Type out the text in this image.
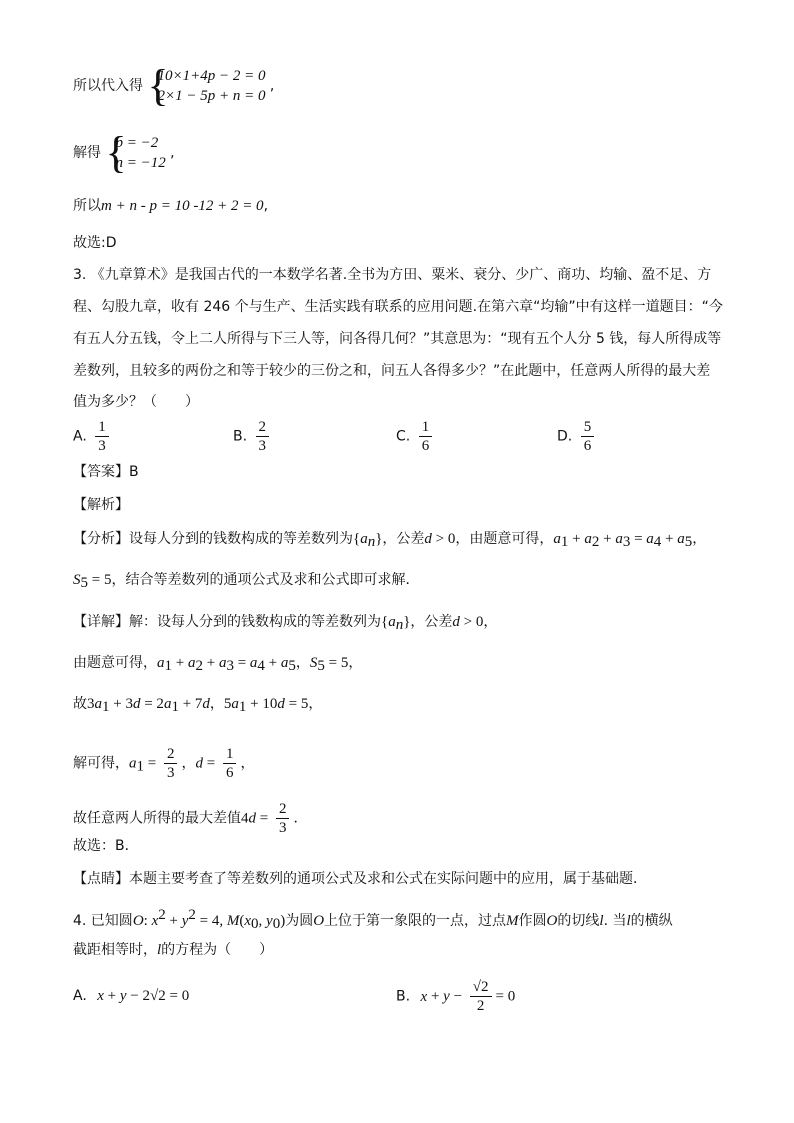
所以代入得 {
10×1+4p − 2 = 0
2×1 − 5p + n = 0
,
解得 {
p = −2
n = −12
,
所以m + n - p = 10 -12 + 2 = 0,
故选:D
3. 《九章算术》是我国古代的一本数学名著.全书为方田、粟米、衰分、少广、商功、均输、盈不足、方
程、勾股九章，收有 246 个与生产、生活实践有联系的应用问题.在第六章“均输”中有这样一道题目：“今
有五人分五钱，令上二人所得与下三人等，问各得几何？”其意思为：“现有五个人分 5 钱，每人所得成等
差数列，且较多的两份之和等于较少的三份之和，问五人各得多少？”在此题中，任意两人所得的最大差
值为多少？（　　）
A. $\frac{1}{3}$	B. $\frac{2}{3}$	C. $\frac{1}{6}$	D. $\frac{5}{6}$
【答案】B
【解析】
【分析】设每人分到的钱数构成的等差数列为$\{a_n\}$，公差d > 0，由题意可得，$a_1 + a_2 + a_3 = a_4 + a_5$，
$S_5 = 5$，结合等差数列的通项公式及求和公式即可求解．
【详解】解：设每人分到的钱数构成的等差数列为$\{a_n\}$，公差d > 0，
由题意可得，$a_1 + a_2 + a_3 = a_4 + a_5$，$S_5 = 5$，
故$3a_1 + 3d = 2a_1 + 7d$，$5a_1 + 10d = 5$，
解可得，$a_1 = \frac{2}{3}$ ，$d = \frac{1}{6}$ ，
故任意两人所得的最大差值$4d = \frac{2}{3}$ ．
故选：B．
【点睛】本题主要考查了等差数列的通项公式及求和公式在实际问题中的应用，属于基础题．
4. 已知圆O: $x^2 + y^2 = 4$, $M(x_0$, $y_0$)为圆O上位于第一象限的一点，过点M作圆O的切线l. 当l的横纵
截距相等时，l的方程为（　　）
A. x + y − 2√2 = 0	B. $x + y - \frac{√2}{2} = 0$
